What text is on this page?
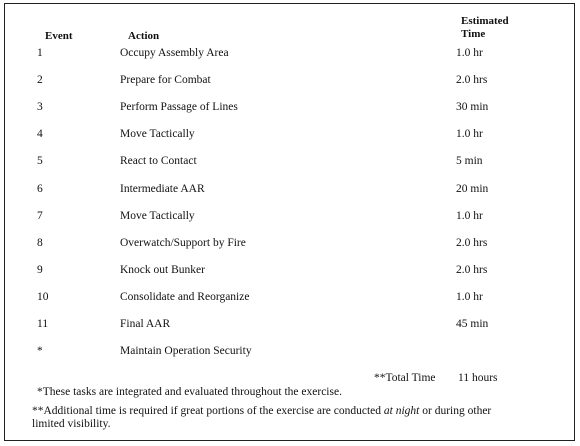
Event	Action
Estimated
Time
1	Occupy Assembly Area	1.0 hr
2	Prepare for Combat	2.0 hrs
3	Perform Passage of Lines	30 min
4	Move Tactically	1.0 hr
5	React to Contact	5 min
6	Intermediate AAR	20 min
7	Move Tactically	1.0 hr
8	Overwatch/Support by Fire	2.0 hrs
9	Knock out Bunker	2.0 hrs
10	Consolidate and Reorganize	1.0 hr
11	Final AAR	45 min
*	Maintain Operation Security
**Total Time 11 hours
*These tasks are integrated and evaluated throughout the exercise.
**Additional time is required if great portions of the exercise are conducted at night or during other limited visibility.
